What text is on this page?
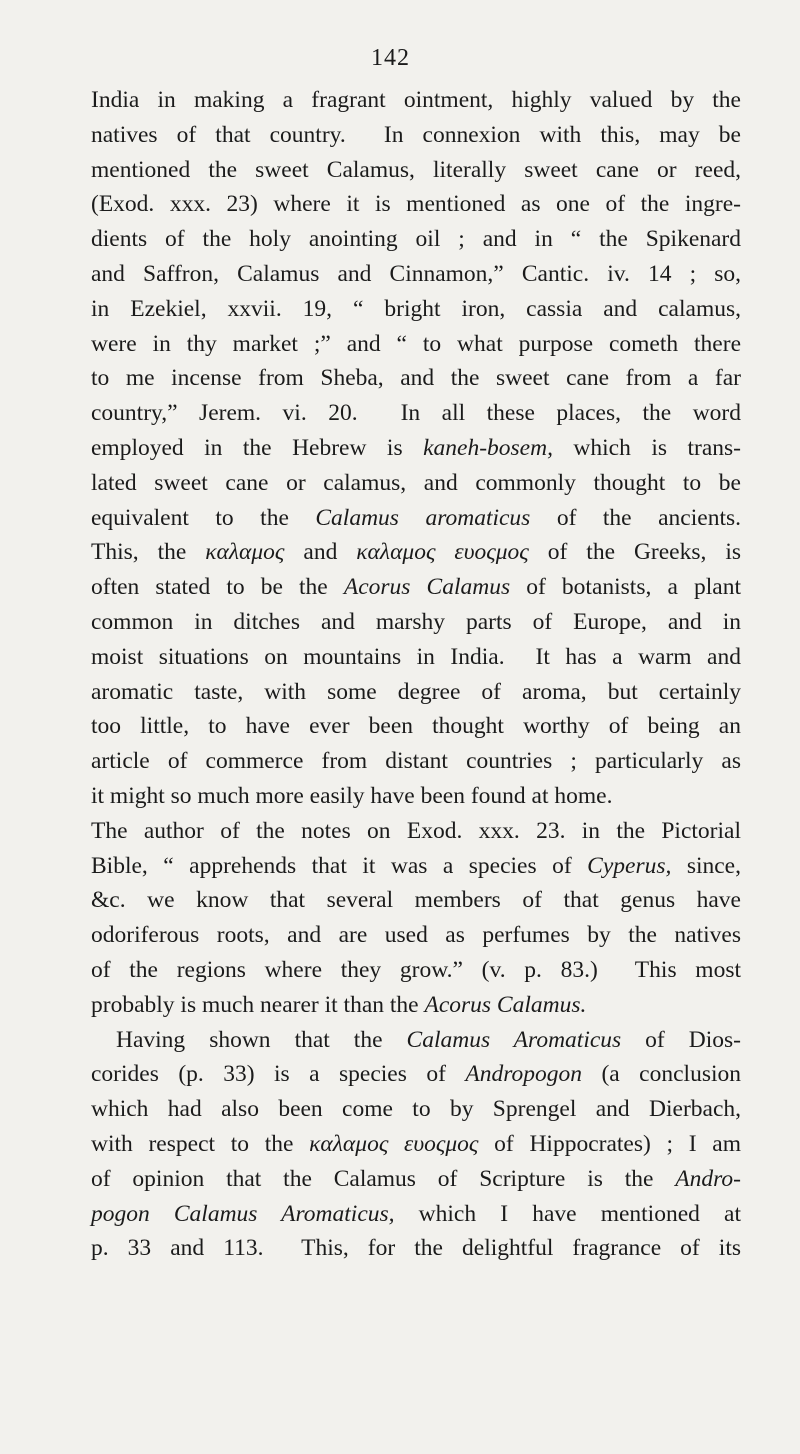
142
India in making a fragrant ointment, highly valued by the
natives of that country.  In connexion with this, may be
mentioned the sweet Calamus, literally sweet cane or reed,
(Exod. xxx. 23) where it is mentioned as one of the ingre-
dients of the holy anointing oil ; and in “ the Spikenard
and Saffron, Calamus and Cinnamon,” Cantic. iv. 14 ; so,
in Ezekiel, xxvii. 19, “ bright iron, cassia and calamus,
were in thy market ;” and “ to what purpose cometh there
to me incense from Sheba, and the sweet cane from a far
country,” Jerem. vi. 20.  In all these places, the word
employed in the Hebrew is kaneh-bosem, which is trans-
lated sweet cane or calamus, and commonly thought to be
equivalent to the Calamus aromaticus of the ancients.
This, the καλαμος and καλαμος ευοςμος of the Greeks, is
often stated to be the Acorus Calamus of botanists, a plant
common in ditches and marshy parts of Europe, and in
moist situations on mountains in India.  It has a warm and
aromatic taste, with some degree of aroma, but certainly
too little, to have ever been thought worthy of being an
article of commerce from distant countries ; particularly as
it might so much more easily have been found at home.
The author of the notes on Exod. xxx. 23. in the Pictorial
Bible, “ apprehends that it was a species of Cyperus, since,
&c. we know that several members of that genus have
odoriferous roots, and are used as perfumes by the natives
of the regions where they grow.” (v. p. 83.)  This most
probably is much nearer it than the Acorus Calamus.
Having shown that the Calamus Aromaticus of Dios-
corides (p. 33) is a species of Andropogon (a conclusion
which had also been come to by Sprengel and Dierbach,
with respect to the καλαμος ευοςμος of Hippocrates) ; I am
of opinion that the Calamus of Scripture is the Andro-
pogon Calamus Aromaticus, which I have mentioned at
p. 33 and 113.  This, for the delightful fragrance of its
